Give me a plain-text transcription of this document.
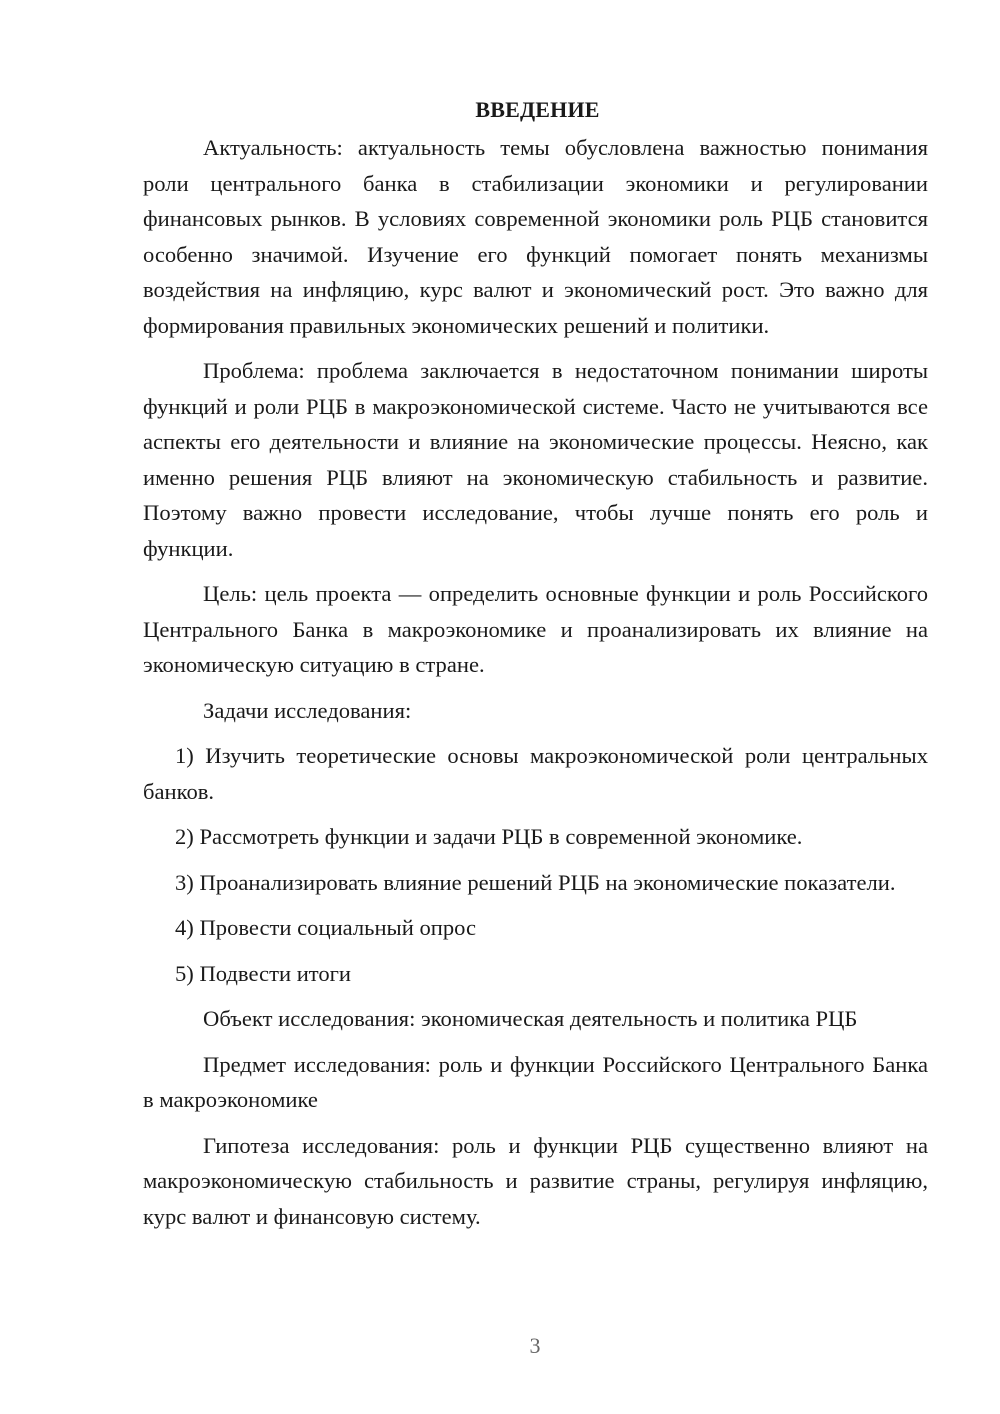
ВВЕДЕНИЕ

Актуальность: актуальность темы обусловлена важностью понимания роли центрального банка в стабилизации экономики и регулировании финансовых рынков. В условиях современной экономики роль РЦБ становится особенно значимой. Изучение его функций помогает понять механизмы воздействия на инфляцию, курс валют и экономический рост. Это важно для формирования правильных экономических решений и политики.

Проблема: проблема заключается в недостаточном понимании широты функций и роли РЦБ в макроэкономической системе. Часто не учитываются все аспекты его деятельности и влияние на экономические процессы. Неясно, как именно решения РЦБ влияют на экономическую стабильность и развитие. Поэтому важно провести исследование, чтобы лучше понять его роль и функции.

Цель: цель проекта — определить основные функции и роль Российского Центрального Банка в макроэкономике и проанализировать их влияние на экономическую ситуацию в стране.

Задачи исследования:

1) Изучить теоретические основы макроэкономической роли центральных банков.

2) Рассмотреть функции и задачи РЦБ в современной экономике.

3) Проанализировать влияние решений РЦБ на экономические показатели.

4) Провести социальный опрос

5) Подвести итоги

Объект исследования: экономическая деятельность и политика РЦБ

Предмет исследования: роль и функции Российского Центрального Банка в макроэкономике

Гипотеза исследования: роль и функции РЦБ существенно влияют на макроэкономическую стабильность и развитие страны, регулируя инфляцию, курс валют и финансовую систему.

3
